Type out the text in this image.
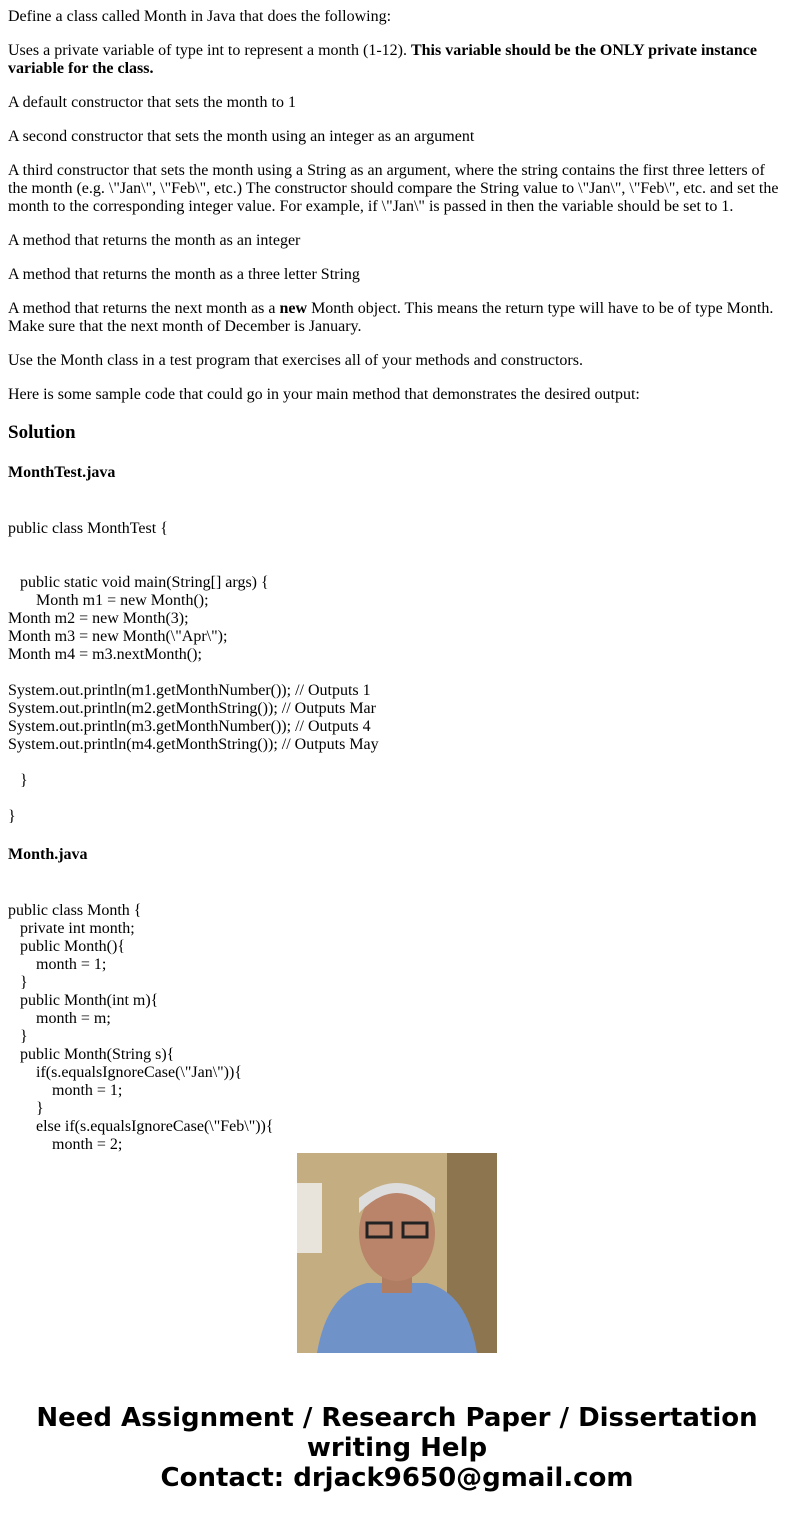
Define a class called Month in Java that does the following:

Uses a private variable of type int to represent a month (1-12). This variable should be the ONLY private instance variable for the class.

A default constructor that sets the month to 1

A second constructor that sets the month using an integer as an argument

A third constructor that sets the month using a String as an argument, where the string contains the first three letters of the month (e.g. \"Jan\", \"Feb\", etc.) The constructor should compare the String value to \"Jan\", \"Feb\", etc. and set the month to the corresponding integer value. For example, if \"Jan\" is passed in then the variable should be set to 1.

A method that returns the month as an integer

A method that returns the month as a three letter String

A method that returns the next month as a new Month object. This means the return type will have to be of type Month. Make sure that the next month of December is January.

Use the Month class in a test program that exercises all of your methods and constructors.

Here is some sample code that could go in your main method that demonstrates the desired output:

Solution
MonthTest.java

public class MonthTest {

public static void main(String[] args) {
Month m1 = new Month();
Month m2 = new Month(3);
Month m3 = new Month(\"Apr\");
Month m4 = m3.nextMonth();

System.out.println(m1.getMonthNumber()); // Outputs 1
System.out.println(m2.getMonthString()); // Outputs Mar
System.out.println(m3.getMonthNumber()); // Outputs 4
System.out.println(m4.getMonthString()); // Outputs May

}

}

Month.java

public class Month {
private int month;
public Month(){
month = 1;
}
public Month(int m){
month = m;
}
public Month(String s){
if(s.equalsIgnoreCase(\"Jan\")){
month = 1;
}
else if(s.equalsIgnoreCase(\"Feb\")){
month = 2;

Need Assignment / Research Paper / Dissertation writing Help
Contact: drjack9650@gmail.com
